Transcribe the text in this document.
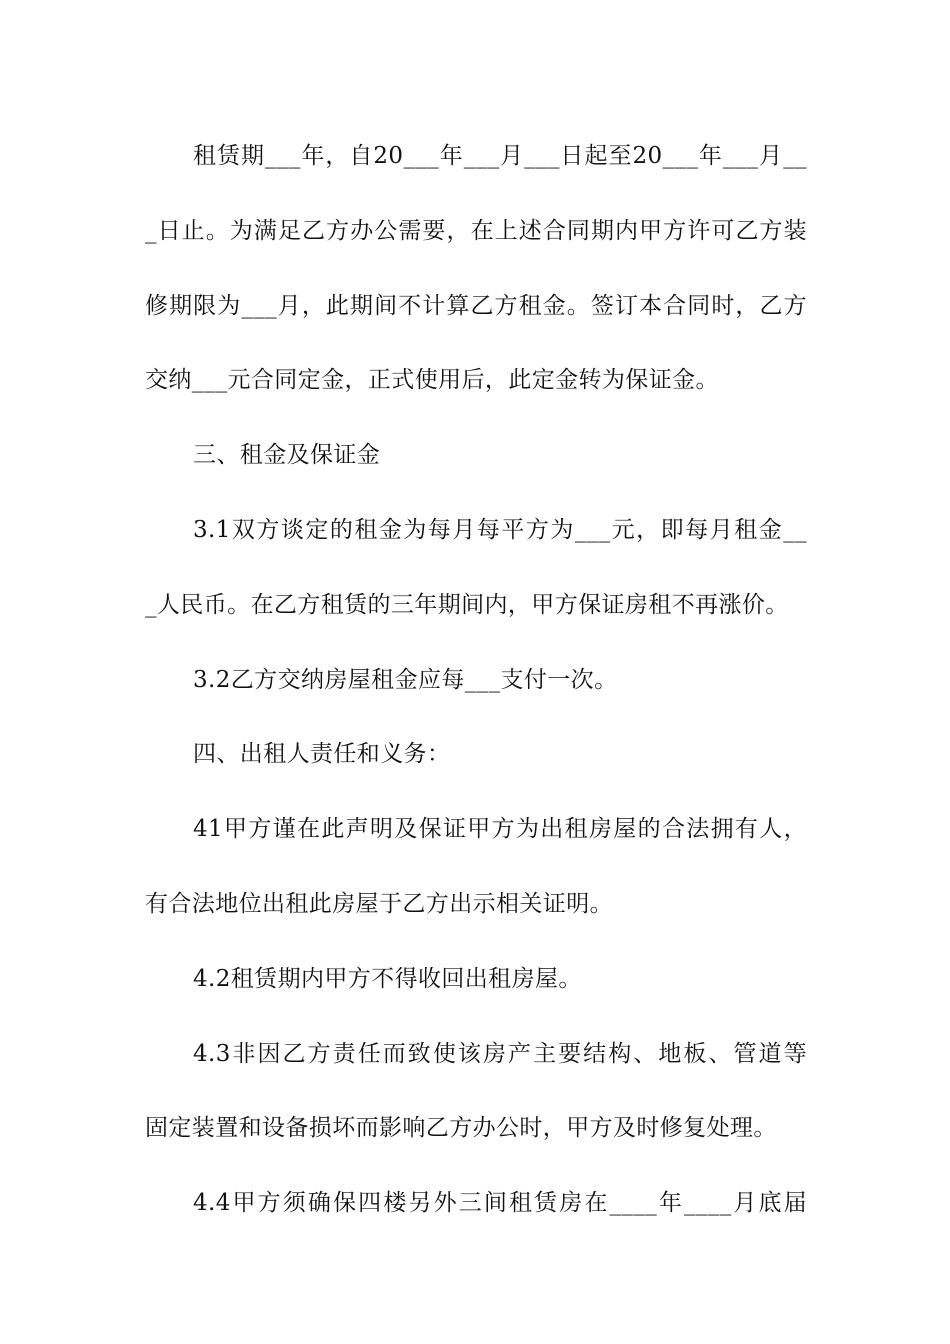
租赁期___年，自20___年___月___日起至20___年___月__
_日止。为满足乙方办公需要，在上述合同期内甲方许可乙方装
修期限为___月，此期间不计算乙方租金。签订本合同时，乙方
交纳___元合同定金，正式使用后，此定金转为保证金。
三、租金及保证金
3.1双方谈定的租金为每月每平方为___元，即每月租金__
_人民币。在乙方租赁的三年期间内，甲方保证房租不再涨价。
3.2乙方交纳房屋租金应每___支付一次。
四、出租人责任和义务：
41甲方谨在此声明及保证甲方为出租房屋的合法拥有人，
有合法地位出租此房屋于乙方出示相关证明。
4.2租赁期内甲方不得收回出租房屋。
4.3非因乙方责任而致使该房产主要结构、地板、管道等
固定装置和设备损坏而影响乙方办公时，甲方及时修复处理。
4.4甲方须确保四楼另外三间租赁房在____年____月底届
